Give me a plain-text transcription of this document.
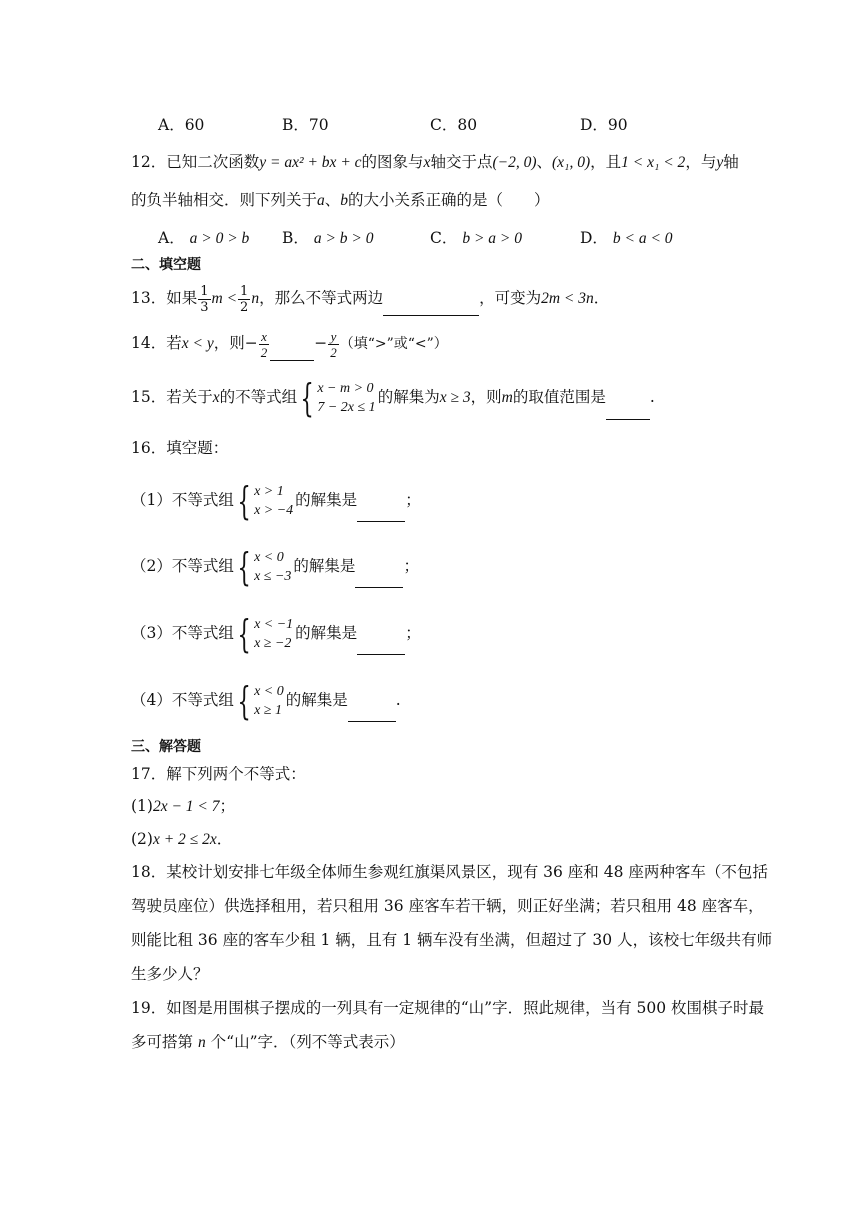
A．60	B．70	C．80	D．90
12．已知二次函数y = ax² + bx + c的图象与x轴交于点(−2, 0)、(x₁, 0)，且1 < x₁ < 2，与y轴
的负半轴相交．则下列关于a、b的大小关系正确的是（　　）
A． a > 0 > b B． a > b > 0	C． b > a > 0	D． b < a < 0
二、填空题
13．如果 $\frac{1}{3}$ $m < \frac{1}{2}$ n，那么不等式两边	，可变为2m < 3n．
14．若x < y，则− $\frac{x}{2}$	− $\frac{y}{2}$ （填“>”或“<”）
15．若关于x的不等式组 { x − m > 0
7 − 2x ≤ 1
的解集为x ≥ 3，则m的取值范围是	.
16．填空题：
（1）不等式组 { x > 1
x > −4
的解集是	；
（2）不等式组 { x < 0
x ≤ −3
的解集是	；
（3）不等式组 { x < −1
x ≥ −2
的解集是	；
（4）不等式组 { x < 0
x ≥ 1
的解集是	.
三、解答题
17．解下列两个不等式：
(1)2x − 1 < 7；
(2)x + 2 ≤ 2x．
18．某校计划安排七年级全体师生参观红旗渠风景区，现有 36 座和 48 座两种客车（不包括
驾驶员座位）供选择租用，若只租用 36 座客车若干辆，则正好坐满；若只租用 48 座客车，
则能比租 36 座的客车少租 1 辆，且有 1 辆车没有坐满，但超过了 30 人，该校七年级共有师
生多少人？
19．如图是用围棋子摆成的一列具有一定规律的“山”字．照此规律，当有 500 枚围棋子时最
多可搭第 n 个“山”字．（列不等式表示）
